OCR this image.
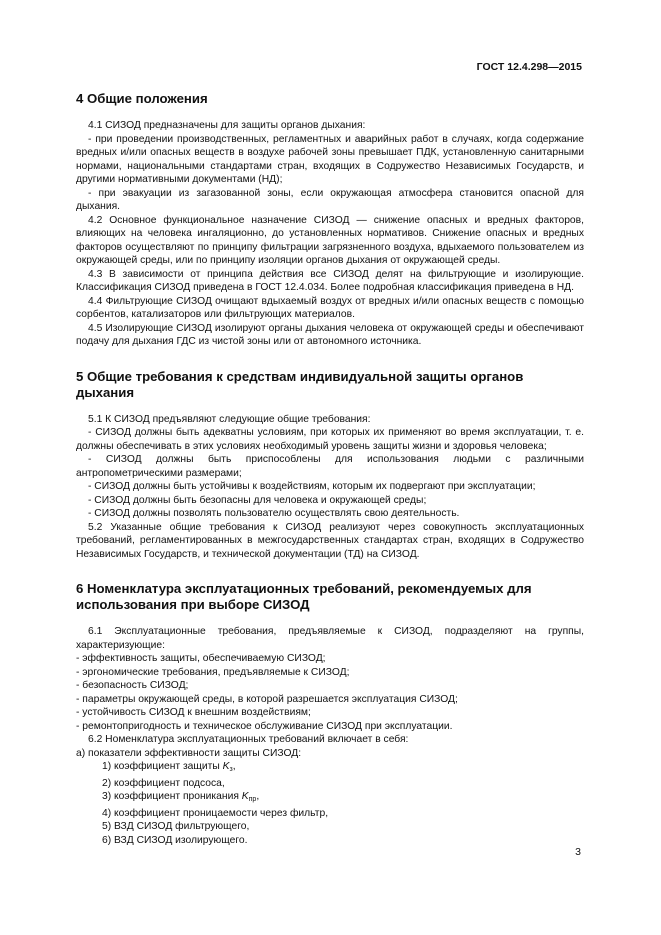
ГОСТ 12.4.298—2015
4 Общие положения

4.1 СИЗОД предназначены для защиты органов дыхания:

- при проведении производственных, регламентных и аварийных работ в случаях, когда содержание вредных и/или опасных веществ в воздухе рабочей зоны превышает ПДК, установленную санитарными нормами, национальными стандартами стран, входящих в Содружество Независимых Государств, и другими нормативными документами (НД);

- при эвакуации из загазованной зоны, если окружающая атмосфера становится опасной для дыхания.

4.2 Основное функциональное назначение СИЗОД — снижение опасных и вредных факторов, влияющих на человека ингаляционно, до установленных нормативов. Снижение опасных и вредных факторов осуществляют по принципу фильтрации загрязненного воздуха, вдыхаемого пользователем из окружающей среды, или по принципу изоляции органов дыхания от окружающей среды.

4.3 В зависимости от принципа действия все СИЗОД делят на фильтрующие и изолирующие. Классификация СИЗОД приведена в ГОСТ 12.4.034. Более подробная классификация приведена в НД.

4.4 Фильтрующие СИЗОД очищают вдыхаемый воздух от вредных и/или опасных веществ с помощью сорбентов, катализаторов или фильтрующих материалов.

4.5 Изолирующие СИЗОД изолируют органы дыхания человека от окружающей среды и обеспечивают подачу для дыхания ГДС из чистой зоны или от автономного источника.

5 Общие требования к средствам индивидуальной защиты органов дыхания

5.1 К СИЗОД предъявляют следующие общие требования:

- СИЗОД должны быть адекватны условиям, при которых их применяют во время эксплуатации, т. е. должны обеспечивать в этих условиях необходимый уровень защиты жизни и здоровья человека;

- СИЗОД должны быть приспособлены для использования людьми с различными антропометрическими размерами;

- СИЗОД должны быть устойчивы к воздействиям, которым их подвергают при эксплуатации;

- СИЗОД должны быть безопасны для человека и окружающей среды;

- СИЗОД должны позволять пользователю осуществлять свою деятельность.

5.2 Указанные общие требования к СИЗОД реализуют через совокупность эксплуатационных требований, регламентированных в межгосударственных стандартах стран, входящих в Содружество Независимых Государств, и технической документации (ТД) на СИЗОД.

6 Номенклатура эксплуатационных требований, рекомендуемых для использования при выборе СИЗОД

6.1 Эксплуатационные требования, предъявляемые к СИЗОД, подразделяют на группы, характеризующие:

- эффективность защиты, обеспечиваемую СИЗОД;

- эргономические требования, предъявляемые к СИЗОД;

- безопасность СИЗОД;

- параметры окружающей среды, в которой разрешается эксплуатация СИЗОД;

- устойчивость СИЗОД к внешним воздействиям;

- ремонтопригодность и техническое обслуживание СИЗОД при эксплуатации.

6.2 Номенклатура эксплуатационных требований включает в себя:

а) показатели эффективности защиты СИЗОД:

1) коэффициент защиты $K_з$,

2) коэффициент подсоса,

3) коэффициент проникания $K_{пр}$,

4) коэффициент проницаемости через фильтр,

5) ВЗД СИЗОД фильтрующего,

6) ВЗД СИЗОД изолирующего.

3
